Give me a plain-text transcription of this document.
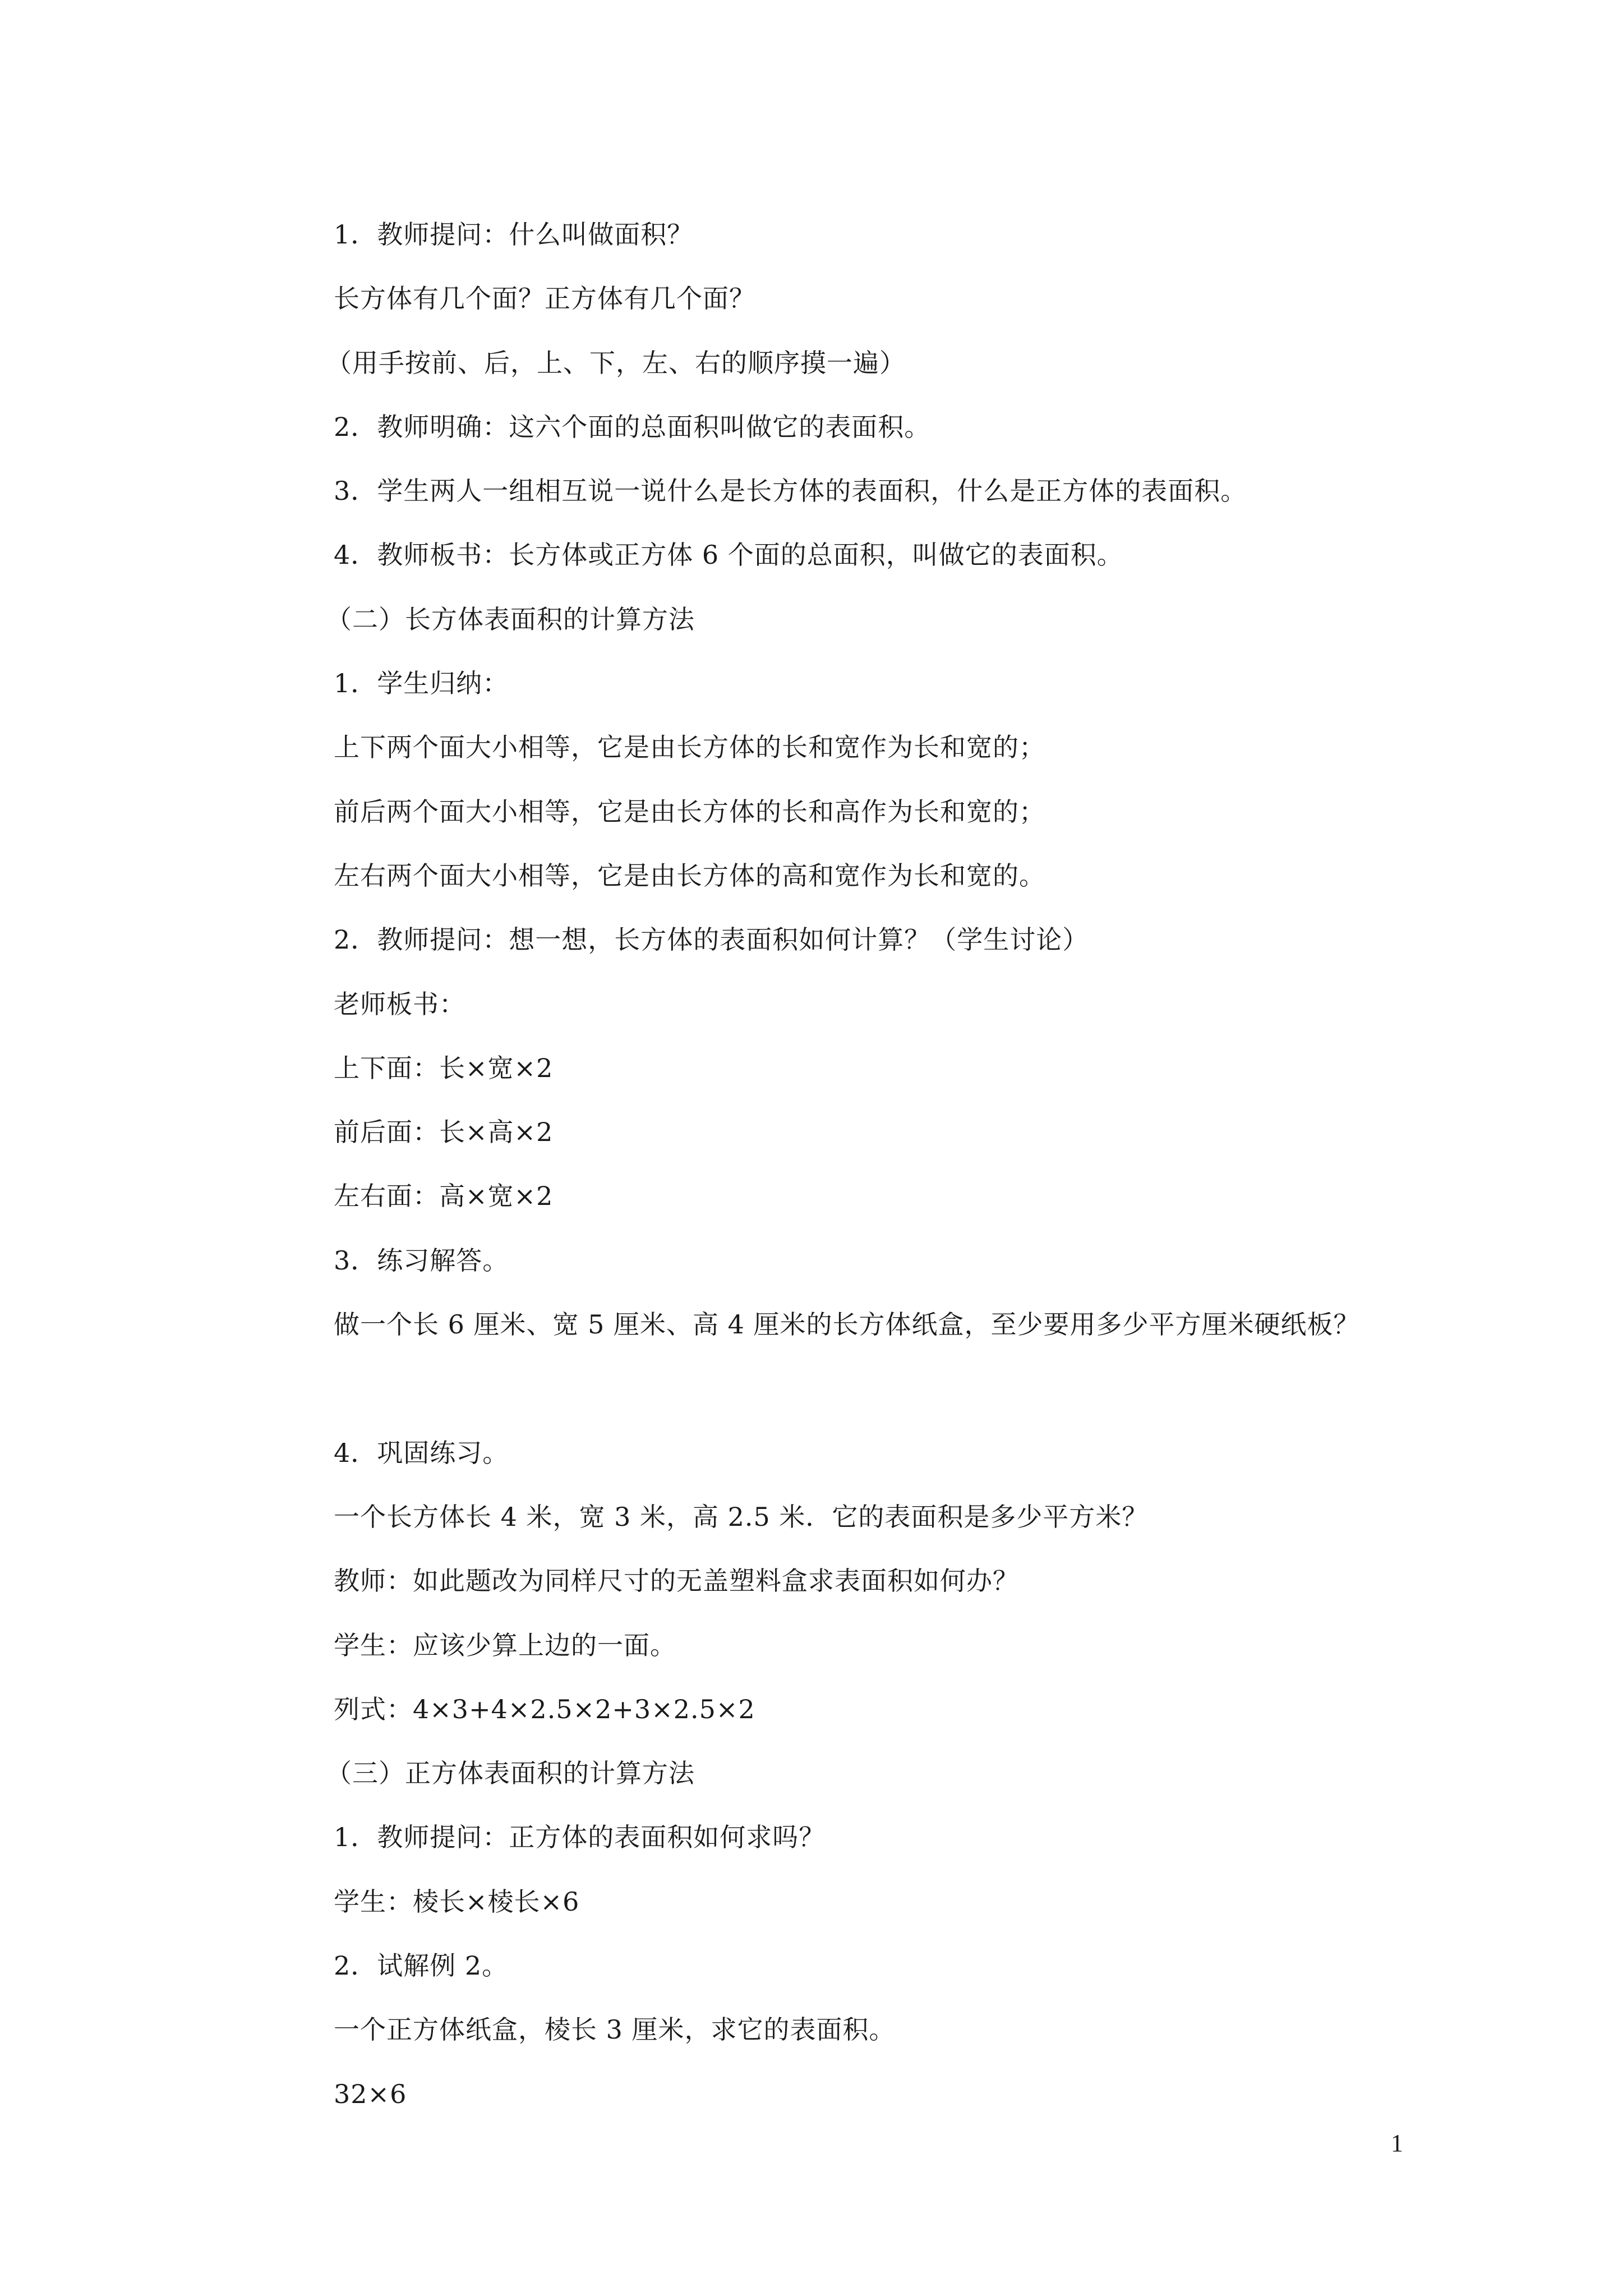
1．教师提问：什么叫做面积？
长方体有几个面？正方体有几个面？
（用手按前、后，上、下，左、右的顺序摸一遍）
2．教师明确：这六个面的总面积叫做它的表面积。
3．学生两人一组相互说一说什么是长方体的表面积，什么是正方体的表面积。
4．教师板书：长方体或正方体 6 个面的总面积，叫做它的表面积。
（二）长方体表面积的计算方法
1．学生归纳：
上下两个面大小相等，它是由长方体的长和宽作为长和宽的；
前后两个面大小相等，它是由长方体的长和高作为长和宽的；
左右两个面大小相等，它是由长方体的高和宽作为长和宽的。
2．教师提问：想一想，长方体的表面积如何计算？（学生讨论）
老师板书：
上下面：长×宽×2
前后面：长×高×2
左右面：高×宽×2
3．练习解答。
做一个长 6 厘米、宽 5 厘米、高 4 厘米的长方体纸盒，至少要用多少平方厘米硬纸板？
4．巩固练习。
一个长方体长 4 米，宽 3 米，高 2.5 米．它的表面积是多少平方米？
教师：如此题改为同样尺寸的无盖塑料盒求表面积如何办？
学生：应该少算上边的一面。
列式：4×3+4×2.5×2+3×2.5×2
（三）正方体表面积的计算方法
1．教师提问：正方体的表面积如何求吗？
学生：棱长×棱长×6
2．试解例 2。
一个正方体纸盒，棱长 3 厘米，求它的表面积。
32×6
1
